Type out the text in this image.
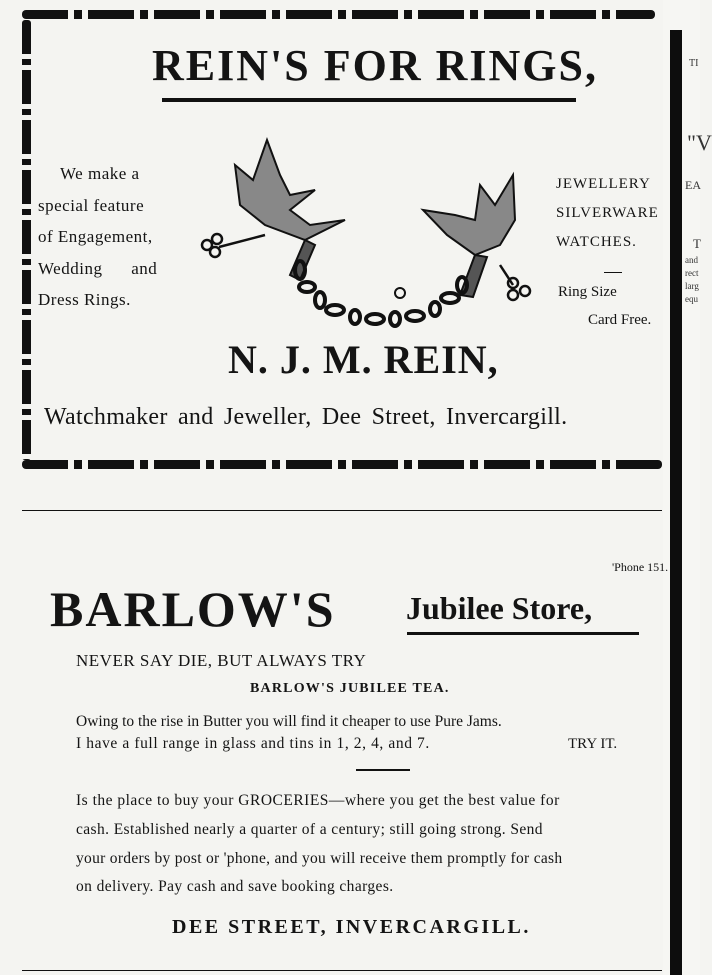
TI
"V
EA
T
and
rect
larg
equ
REIN'S FOR RINGS,
We make a
special feature
of Engagement,
Wedding and
Dress Rings.
JEWELLERY
SILVERWARE
WATCHES.
Ring Size
Card Free.
N. J. M. REIN,
Watchmaker and Jeweller, Dee Street, Invercargill.
'Phone 151.
BARLOW'S Jubilee Store,
NEVER SAY DIE, BUT ALWAYS TRY
BARLOW'S JUBILEE TEA.
Owing to the rise in Butter you will find it cheaper to use Pure Jams.
I have a full range in glass and tins in 1, 2, 4, and 7.	TRY IT.
Is the place to buy your GROCERIES—where you get the best value for
cash. Established nearly a quarter of a century; still going strong. Send
your orders by post or 'phone, and you will receive them promptly for cash
on delivery. Pay cash and save booking charges.
DEE STREET, INVERCARGILL.
